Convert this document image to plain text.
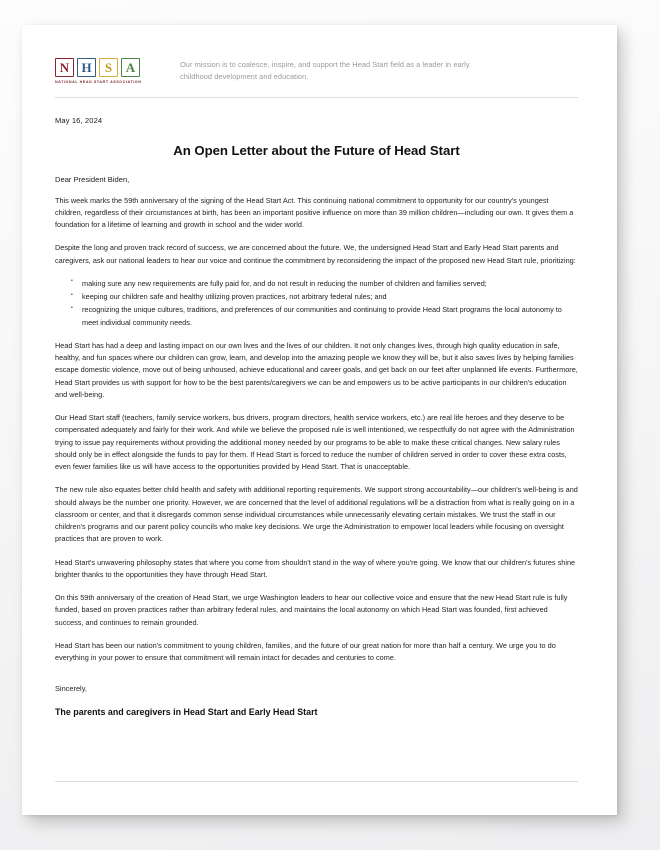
N H	S	A
NATIONAL HEAD START ASSOCIATION
Our mission is to coalesce, inspire, and support the Head Start field as a leader in early childhood development and education.
May 16, 2024
An Open Letter about the Future of Head Start
Dear President Biden,

This week marks the 59th anniversary of the signing of the Head Start Act. This continuing national commitment to opportunity for our country's youngest children, regardless of their circumstances at birth, has been an important positive influence on more than 39 million children—including our own. It gives them a foundation for a lifetime of learning and growth in school and the wider world.

Despite the long and proven track record of success, we are concerned about the future. We, the undersigned Head Start and Early Head Start parents and caregivers, ask our national leaders to hear our voice and continue the commitment by reconsidering the impact of the proposed new Head Start rule, prioritizing:

▪ making sure any new requirements are fully paid for, and do not result in reducing the number of children and families served;
▪ keeping our children safe and healthy utilizing proven practices, not arbitrary federal rules; and
▪ recognizing the unique cultures, traditions, and preferences of our communities and continuing to provide Head Start programs the local autonomy to meet individual community needs.

Head Start has had a deep and lasting impact on our own lives and the lives of our children. It not only changes lives, through high quality education in safe, healthy, and fun spaces where our children can grow, learn, and develop into the amazing people we know they will be, but it also saves lives by helping families escape domestic violence, move out of being unhoused, achieve educational and career goals, and get back on our feet after unplanned life events. Furthermore, Head Start provides us with support for how to be the best parents/caregivers we can be and empowers us to be active participants in our children's education and well-being.

Our Head Start staff (teachers, family service workers, bus drivers, program directors, health service workers, etc.) are real life heroes and they deserve to be compensated adequately and fairly for their work. And while we believe the proposed rule is well intentioned, we respectfully do not agree with the Administration trying to issue pay requirements without providing the additional money needed by our programs to be able to make these critical changes. New salary rules should only be in effect alongside the funds to pay for them. If Head Start is forced to reduce the number of children served in order to cover these extra costs, even fewer families like us will have access to the opportunities provided by Head Start. That is unacceptable.

The new rule also equates better child health and safety with additional reporting requirements. We support strong accountability—our children's well-being is and should always be the number one priority. However, we are concerned that the level of additional regulations will be a distraction from what is really going on in a classroom or center, and that it disregards common sense individual circumstances while unnecessarily elevating certain mistakes. We trust the staff in our children's programs and our parent policy councils who make key decisions. We urge the Administration to empower local leaders while focusing on oversight practices that are proven to work.

Head Start's unwavering philosophy states that where you come from shouldn't stand in the way of where you're going. We know that our children's futures shine brighter thanks to the opportunities they have through Head Start.

On this 59th anniversary of the creation of Head Start, we urge Washington leaders to hear our collective voice and ensure that the new Head Start rule is fully funded, based on proven practices rather than arbitrary federal rules, and maintains the local autonomy on which Head Start was founded, first achieved success, and continues to remain grounded.

Head Start has been our nation's commitment to young children, families, and the future of our great nation for more than half a century. We urge you to do everything in your power to ensure that commitment will remain intact for decades and centuries to come.

Sincerely,
The parents and caregivers in Head Start and Early Head Start
